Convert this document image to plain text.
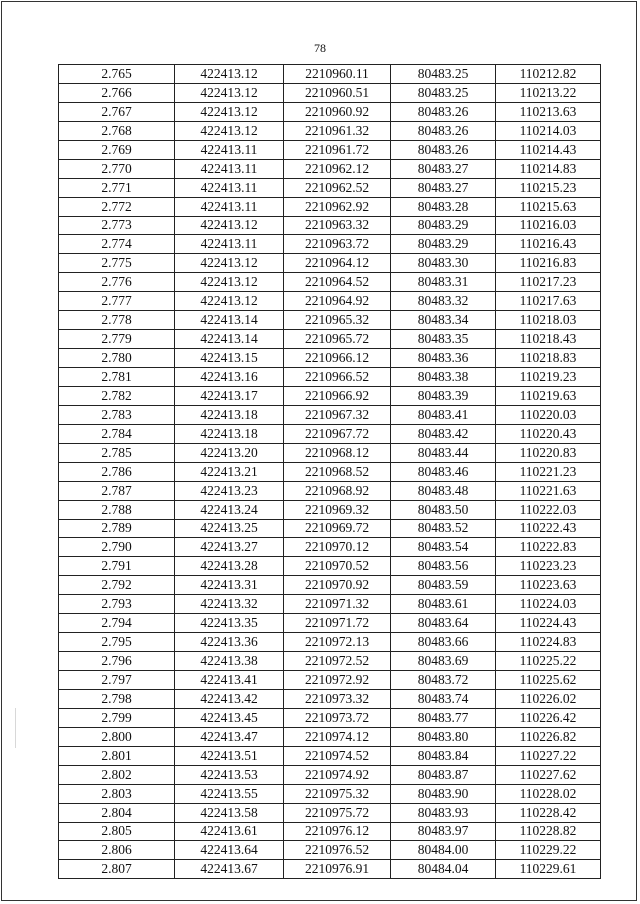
78
2.765	422413.12	2210960.11	80483.25	110212.82
2.766	422413.12	2210960.51	80483.25	110213.22
2.767	422413.12	2210960.92	80483.26	110213.63
2.768	422413.12	2210961.32	80483.26	110214.03
2.769	422413.11	2210961.72	80483.26	110214.43
2.770	422413.11	2210962.12	80483.27	110214.83
2.771	422413.11	2210962.52	80483.27	110215.23
2.772	422413.11	2210962.92	80483.28	110215.63
2.773	422413.12	2210963.32	80483.29	110216.03
2.774	422413.11	2210963.72	80483.29	110216.43
2.775	422413.12	2210964.12	80483.30	110216.83
2.776	422413.12	2210964.52	80483.31	110217.23
2.777	422413.12	2210964.92	80483.32	110217.63
2.778	422413.14	2210965.32	80483.34	110218.03
2.779	422413.14	2210965.72	80483.35	110218.43
2.780	422413.15	2210966.12	80483.36	110218.83
2.781	422413.16	2210966.52	80483.38	110219.23
2.782	422413.17	2210966.92	80483.39	110219.63
2.783	422413.18	2210967.32	80483.41	110220.03
2.784	422413.18	2210967.72	80483.42	110220.43
2.785	422413.20	2210968.12	80483.44	110220.83
2.786	422413.21	2210968.52	80483.46	110221.23
2.787	422413.23	2210968.92	80483.48	110221.63
2.788	422413.24	2210969.32	80483.50	110222.03
2.789	422413.25	2210969.72	80483.52	110222.43
2.790	422413.27	2210970.12	80483.54	110222.83
2.791	422413.28	2210970.52	80483.56	110223.23
2.792	422413.31	2210970.92	80483.59	110223.63
2.793	422413.32	2210971.32	80483.61	110224.03
2.794	422413.35	2210971.72	80483.64	110224.43
2.795	422413.36	2210972.13	80483.66	110224.83
2.796	422413.38	2210972.52	80483.69	110225.22
2.797	422413.41	2210972.92	80483.72	110225.62
2.798	422413.42	2210973.32	80483.74	110226.02
2.799	422413.45	2210973.72	80483.77	110226.42
2.800	422413.47	2210974.12	80483.80	110226.82
2.801	422413.51	2210974.52	80483.84	110227.22
2.802	422413.53	2210974.92	80483.87	110227.62
2.803	422413.55	2210975.32	80483.90	110228.02
2.804	422413.58	2210975.72	80483.93	110228.42
2.805	422413.61	2210976.12	80483.97	110228.82
2.806	422413.64	2210976.52	80484.00	110229.22
2.807	422413.67	2210976.91	80484.04	110229.61
